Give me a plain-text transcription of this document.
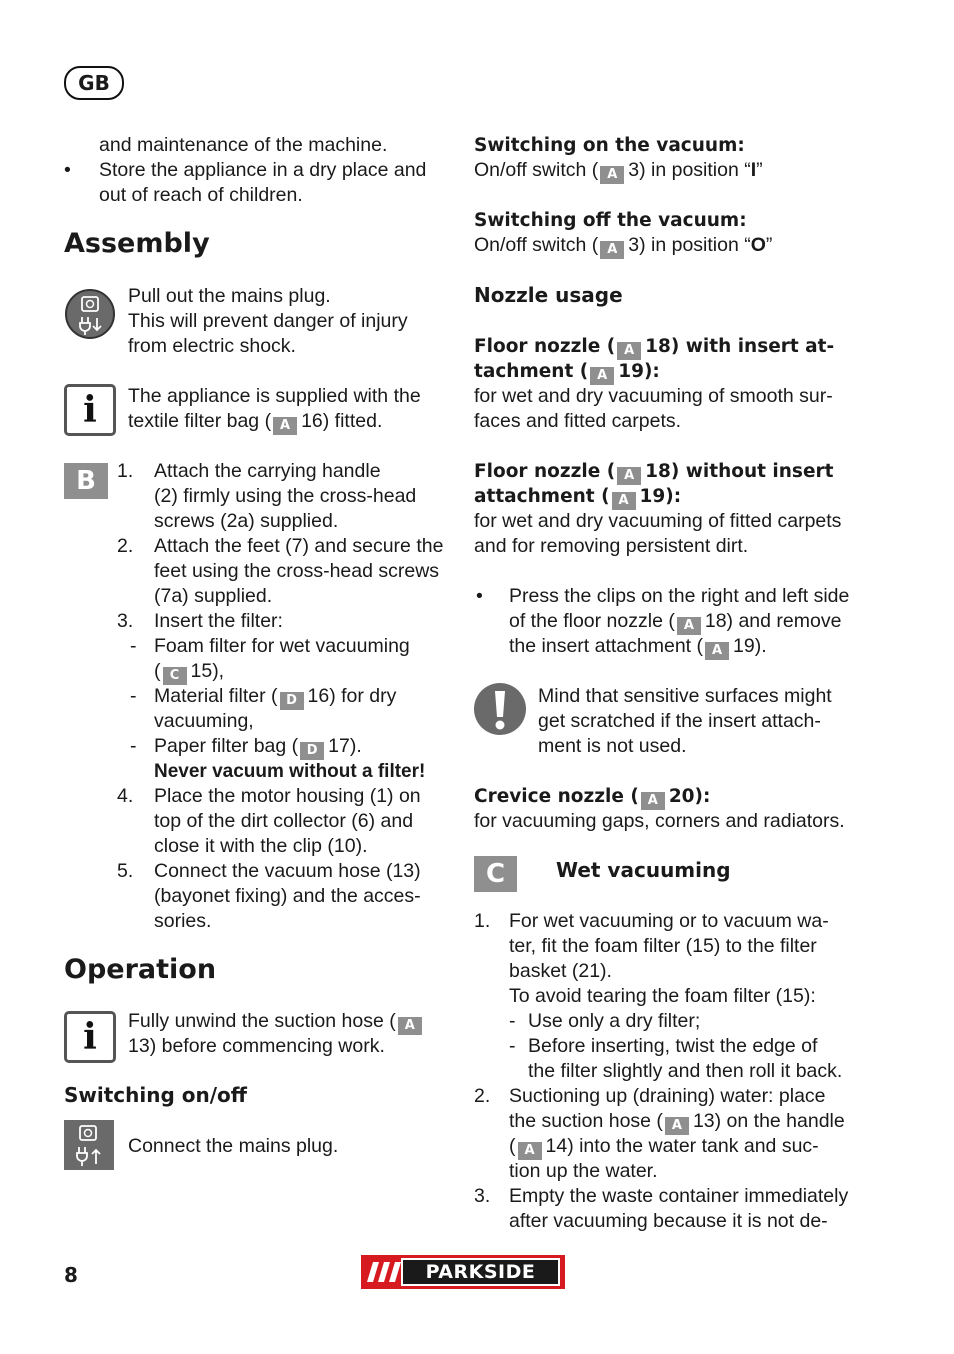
GB
and maintenance of the machine.
• Store the appliance in a dry place and
out of reach of children.
Assembly
Pull out the mains plug.
This will prevent danger of injury
from electric shock.
i	The appliance is supplied with the
textile filter bag ( A 16) fitted.
B	1. Attach the carrying handle
(2) firmly using the cross-head
screws (2a) supplied.
2. Attach the feet (7) and secure the
feet using the cross-head screws
(7a) supplied.
3. Insert the filter:
- Foam filter for wet vacuuming
( C 15),
- Material filter ( D 16) for dry
vacuuming,
- Paper filter bag ( D 17).
Never vacuum without a filter!
4. Place the motor housing (1) on
top of the dirt collector (6) and
close it with the clip (10).
5. Connect the vacuum hose (13)
(bayonet fixing) and the acces-
sories.
Operation
i	Fully unwind the suction hose ( A
13) before commencing work.
Switching on/off
Connect the mains plug.
Switching on the vacuum:
On/off switch ( A 3) in position “I”
Switching off the vacuum:
On/off switch ( A 3) in position “O”
Nozzle usage
Floor nozzle ( A 18) with insert at-
tachment ( A 19):
for wet and dry vacuuming of smooth sur-
faces and fitted carpets.
Floor nozzle ( A 18) without insert
attachment ( A 19):
for wet and dry vacuuming of fitted carpets
and for removing persistent dirt.
• Press the clips on the right and left side
of the floor nozzle ( A 18) and remove
the insert attachment ( A 19).
Mind that sensitive surfaces might
get scratched if the insert attach-
ment is not used.
Crevice nozzle ( A 20):
for vacuuming gaps, corners and radiators.
C	Wet vacuuming
1. For wet vacuuming or to vacuum wa-
ter, fit the foam filter (15) to the filter
basket (21).
To avoid tearing the foam filter (15):
- Use only a dry filter;
- Before inserting, twist the edge of
the filter slightly and then roll it back.
2. Suctioning up (draining) water: place
the suction hose ( A 13) on the handle
( A 14) into the water tank and suc-
tion up the water.
3. Empty the waste container immediately
after vacuuming because it is not de-
8	PARKSIDE
